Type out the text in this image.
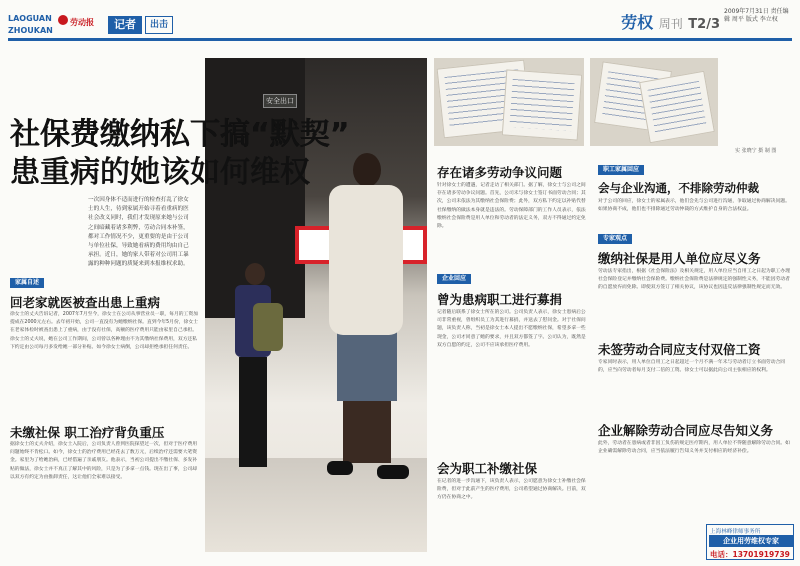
LAOGUAN
ZHOUKAN
劳动报	记者	出击	劳权 周刊 T2/3
2009年7月31日 责任编辑 周平 版式 李立权
安全出口
社保费缴纳私下搞“默契”
患重病的她该如何维权
一次因身体不适而进行的检查打乱了徐女士的人生，待到家属开始寻着看重病的医社会改义同时，我们才发现原来她与公司之间暗藏着诸多利弊，劳动合同本补签，都对工作情况不少，更重要的是由于公司与单位社保，导致她看病的费用均由自己承担。近日，她的家人带着对公司用工暴露的种种问题的质疑来到本报维权求助。
家属自述
回老家就医被查出患上重病
徐女士的丈夫告诉记者，2007年7月至今，徐女士在公司从事营业员一职，每月的工资加提成在2000元左右。去年初开始，公司一直没有为她缴纳社保。直到今年5月份，徐女士在老家体检时被查出患上了重病，由于没有社保，高额的医疗费用只能由家里自己承担。徐女士的丈夫说，她在公司工作期间，公司曾以各种理由不为其缴纳社保费用，双方还私下约定由公司每月多发给她一部分补贴。如今徐女士病倒，公司却拒绝承担任何责任。
未缴社保 职工治疗背负重压
据徐女士的丈夫介绍，徐女士入院后，公司负责人曾到医院探望过一次，但对于医疗费用问题始终不肯松口。如今，徐女士的治疗费用已经花去了数万元，后续治疗还需要大笔资金。家里为了给她治病，已经借遍了亲戚朋友。他表示，当初公司提出不缴社保、多发补贴的做法，徐女士并不真正了解其中的风险，只是为了多拿一点钱。现在出了事，公司却以双方有约定为由推卸责任，这让他们全家难以接受。
实 张晓宁 摄 制 图
存在诸多劳动争议问题
针对徐女士的遭遇，记者走访了相关部门。据了解，徐女士与公司之间存在诸多劳动争议问题。首先，公司未与徐女士签订书面劳动合同；其次，公司未依法为其缴纳社会保险费；此外，双方私下约定以补贴代替社保缴纳的做法本身就是违法的。劳动保障部门的工作人员表示，依法缴纳社会保险费是用人单位和劳动者的法定义务，双方不得通过约定免除。
企业回应
曾为患病职工进行募捐
记者随后联系了徐女士所在的公司。公司负责人表示，徐女士患病后公司非常重视，曾组织员工为其进行募捐，并送去了慰问金。对于社保问题，该负责人称，当初是徐女士本人提出不愿缴纳社保，希望多拿一些现金，公司才同意了她的要求，并且双方都签了字。公司认为，既然是双方自愿的约定，公司不应该承担医疗费用。
会为职工补缴社保
在记者的进一步沟通下，该负责人表示，公司愿意为徐女士补缴社会保险费，但对于此前产生的医疗费用，公司希望通过协商解决。目前，双方仍在协商之中。
职工家属回应
会与企业沟通，不排除劳动仲裁
对于公司的回应，徐女士的家属表示，他们会先与公司进行沟通，争取通过协商解决问题。如果协商不成，他们也不排除通过劳动仲裁的方式维护自身的合法权益。
专家观点
缴纳社保是用人单位应尽义务
劳动法专家指出，根据《社会保险法》及相关规定，用人单位应当自用工之日起为职工办理社会保险登记并缴纳社会保险费。缴纳社会保险费是法律规定的强制性义务，不能因劳动者的自愿放弃而免除。即使双方签订了相关协议，该协议也因违反法律强制性规定而无效。
未签劳动合同应支付双倍工资
专家同时表示，用人单位自用工之日起超过一个月不满一年未与劳动者订立书面劳动合同的，应当向劳动者每月支付二倍的工资。徐女士可以据此向公司主张相应的权利。
企业解除劳动合同应尽告知义务
此外，劳动者在患病或者非因工负伤的规定医疗期内，用人单位不得随意解除劳动合同。如企业确需解除劳动合同，应当依法履行告知义务并支付相应的经济补偿。
上海林峰律师事务所
企业用劳维权专家
电话：13701919739
